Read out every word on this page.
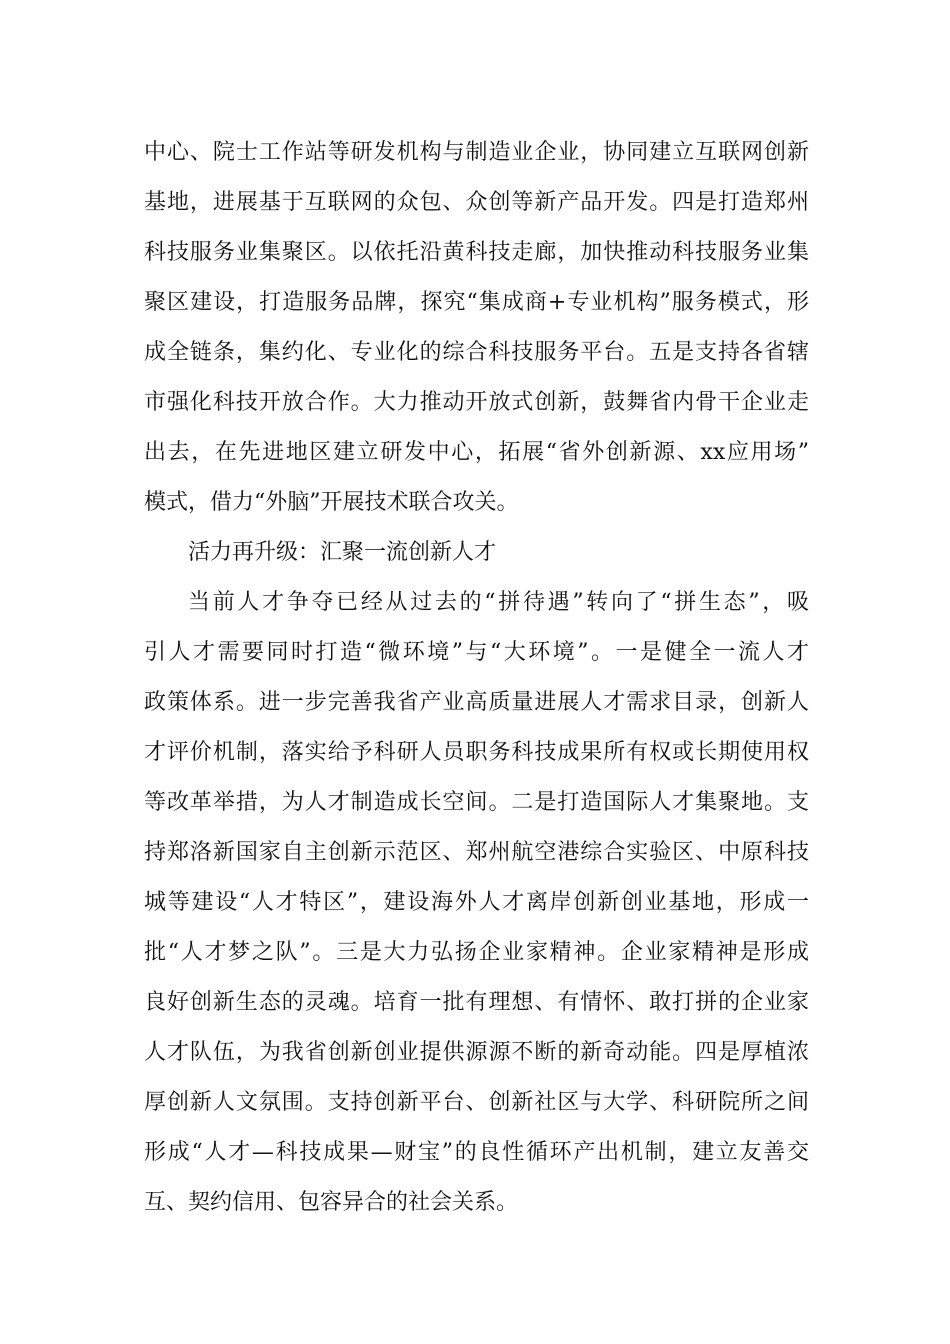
中心、院士工作站等研发机构与制造业企业，协同建立互联网创新
基地，进展基于互联网的众包、众创等新产品开发。四是打造郑州
科技服务业集聚区。以依托沿黄科技走廊，加快推动科技服务业集
聚区建设，打造服务品牌，探究“集成商+专业机构”服务模式，形
成全链条，集约化、专业化的综合科技服务平台。五是支持各省辖
市强化科技开放合作。大力推动开放式创新，鼓舞省内骨干企业走
出去，在先进地区建立研发中心，拓展“省外创新源、xx应用场”
模式，借力“外脑”开展技术联合攻关。
活力再升级：汇聚一流创新人才
当前人才争夺已经从过去的“拼待遇”转向了“拼生态”，吸
引人才需要同时打造“微环境”与“大环境”。一是健全一流人才
政策体系。进一步完善我省产业高质量进展人才需求目录，创新人
才评价机制，落实给予科研人员职务科技成果所有权或长期使用权
等改革举措，为人才制造成长空间。二是打造国际人才集聚地。支
持郑洛新国家自主创新示范区、郑州航空港综合实验区、中原科技
城等建设“人才特区”，建设海外人才离岸创新创业基地，形成一
批“人才梦之队”。三是大力弘扬企业家精神。企业家精神是形成
良好创新生态的灵魂。培育一批有理想、有情怀、敢打拼的企业家
人才队伍，为我省创新创业提供源源不断的新奇动能。四是厚植浓
厚创新人文氛围。支持创新平台、创新社区与大学、科研院所之间
形成“人才—科技成果—财宝”的良性循环产出机制，建立友善交
互、契约信用、包容异合的社会关系。
